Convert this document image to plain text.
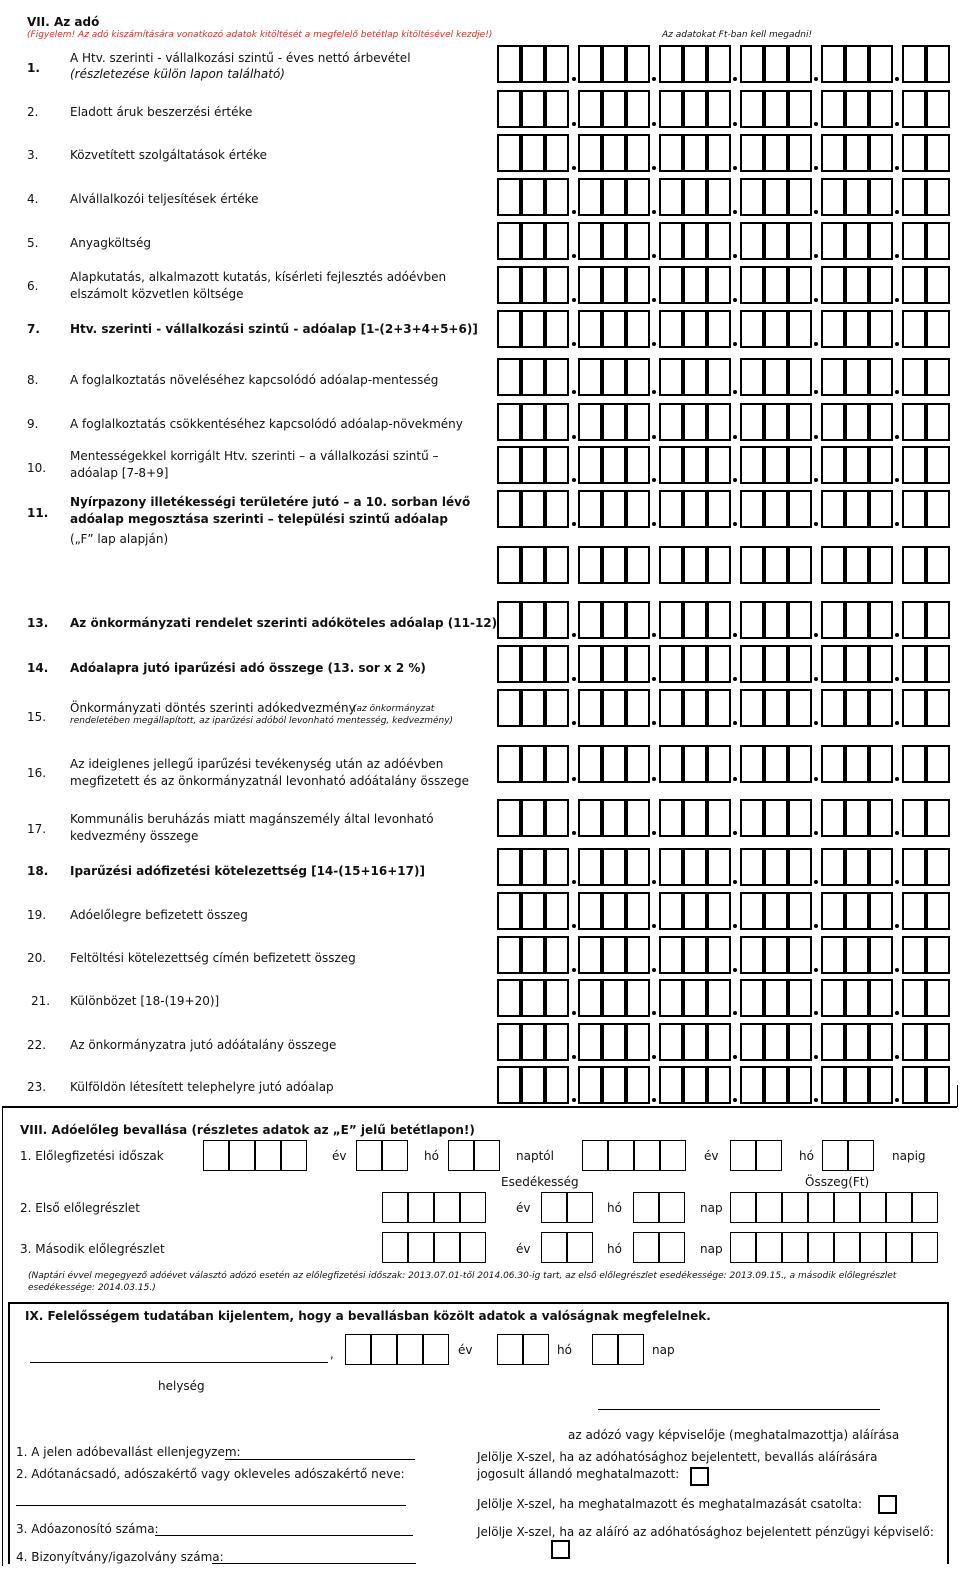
VII. Az adó
(Figyelem! Az adó kiszámítására vonatkozó adatok kitöltését a megfelelő betétlap kitöltésével kezdje!)	Az adatokat Ft-ban kell megadni!
1.
A Htv. szerinti - vállalkozási szintű - éves nettó árbevétel
(részletezése külön lapon található)
2.	Eladott áruk beszerzési értéke
3.	Közvetített szolgáltatások értéke
4.	Alvállalkozói teljesítések értéke
5.	Anyagköltség
6.
Alapkutatás, alkalmazott kutatás, kísérleti fejlesztés adóévben elszámolt közvetlen költsége
7.	Htv. szerinti - vállalkozási szintű - adóalap [1-(2+3+4+5+6)]
8.	A foglalkoztatás növeléséhez kapcsolódó adóalap-mentesség
9.	A foglalkoztatás csökkentéséhez kapcsolódó adóalap-növekmény
10.
Mentességekkel korrigált Htv. szerinti – a vállalkozási szintű – adóalap [7-8+9]
11.
Nyírpazony illetékességi területére jutó – a 10. sorban lévő adóalap megosztása szerinti – települési szintű adóalap
(„F” lap alapján)
13. Az önkormányzati rendelet szerinti adóköteles adóalap (11-12)
14. Adóalapra jutó iparűzési adó összege (13. sor x 2 %)
15.
Önkormányzati döntés szerinti adókedvezmény
(az önkormányzat rendeletében megállapított, az iparűzési adóból levonható mentesség, kedvezmény)
16.
Az ideiglenes jellegű iparűzési tevékenység után az adóévben megfizetett és az önkormányzatnál levonható adóátalány összege
17.
Kommunális beruházás miatt magánszemély által levonható kedvezmény összege
18. Iparűzési adófizetési kötelezettség [14-(15+16+17)]
19. Adóelőlegre befizetett összeg
20. Feltöltési kötelezettség címén befizetett összeg
21. Különbözet [18-(19+20)]
22. Az önkormányzatra jutó adóátalány összege
23. Külföldön létesített telephelyre jutó adóalap
VIII. Adóelőleg bevallása (részletes adatok az „E” jelű betétlapon!)
1. Előlegfizetési időszak	év	hó	naptól	év	hó	napig
Esedékesség	Összeg(Ft)
2. Első előlegrészlet	év	hó	nap
3. Második előlegrészlet	év	hó	nap
(Naptári évvel megegyező adóévet választó adózó esetén az előlegfizetési időszak: 2013.07.01-től 2014.06.30-ig tart, az első előlegrészlet esedékessége: 2013.09.15., a második előlegrészlet esedékessége: 2014.03.15.)
IX. Felelősségem tudatában kijelentem, hogy a bevallásban közölt adatok a valóságnak megfelelnek.
,	év	hó	nap
helység
az adózó vagy képviselője (meghatalmazottja) aláírása
1. A jelen adóbevallást ellenjegyzem:
2. Adótanácsadó, adószakértő vagy okleveles adószakértő neve:
3. Adóazonosító száma:
4. Bizonyítvány/igazolvány száma:
Jelölje X-szel, ha az adóhatósághoz bejelentett, bevallás aláírására jogosult állandó meghatalmazott:
Jelölje X-szel, ha meghatalmazott és meghatalmazását csatolta:
Jelölje X-szel, ha az aláíró az adóhatósághoz bejelentett pénzügyi képviselő:
